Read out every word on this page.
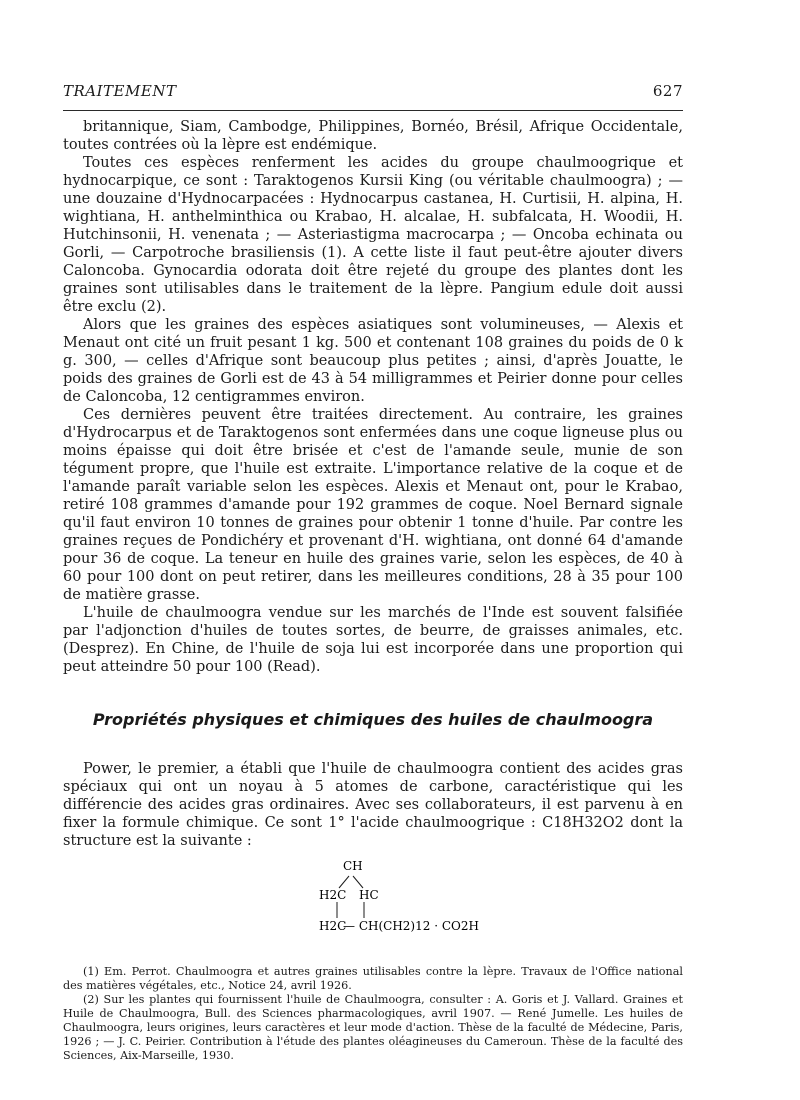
TRAITEMENT	627

britannique, Siam, Cambodge, Philippines, Bornéo, Brésil, Afrique Occidentale, toutes contrées où la lèpre est endémique.

Toutes ces espèces renferment les acides du groupe chaulmoogrique et hydnocarpique, ce sont : Taraktogenos Kursii King (ou véritable chaulmoogra) ; — une douzaine d'Hydnocarpacées : Hydnocarpus castanea, H. Curtisii, H. alpina, H. wightiana, H. anthelminthica ou Krabao, H. alcalae, H. subfalcata, H. Woodii, H. Hutchinsonii, H. venenata ; — Asteriastigma macrocarpa ; — Oncoba echinata ou Gorli, — Carpotroche brasiliensis (1). A cette liste il faut peut-être ajouter divers Caloncoba. Gynocardia odorata doit être rejeté du groupe des plantes dont les graines sont utilisables dans le traitement de la lèpre. Pangium edule doit aussi être exclu (2).

Alors que les graines des espèces asiatiques sont volumineuses, — Alexis et Menaut ont cité un fruit pesant 1 kg. 500 et contenant 108 graines du poids de 0 k g. 300, — celles d'Afrique sont beaucoup plus petites ; ainsi, d'après Jouatte, le poids des graines de Gorli est de 43 à 54 milligrammes et Peirier donne pour celles de Caloncoba, 12 centigrammes environ.

Ces dernières peuvent être traitées directement. Au contraire, les graines d'Hydrocarpus et de Taraktogenos sont enfermées dans une coque ligneuse plus ou moins épaisse qui doit être brisée et c'est de l'amande seule, munie de son tégument propre, que l'huile est extraite. L'importance relative de la coque et de l'amande paraît variable selon les espèces. Alexis et Menaut ont, pour le Krabao, retiré 108 grammes d'amande pour 192 grammes de coque. Noel Bernard signale qu'il faut environ 10 tonnes de graines pour obtenir 1 tonne d'huile. Par contre les graines reçues de Pondichéry et provenant d'H. wightiana, ont donné 64 d'amande pour 36 de coque. La teneur en huile des graines varie, selon les espèces, de 40 à 60 pour 100 dont on peut retirer, dans les meilleures conditions, 28 à 35 pour 100 de matière grasse.

L'huile de chaulmoogra vendue sur les marchés de l'Inde est souvent falsifiée par l'adjonction d'huiles de toutes sortes, de beurre, de graisses animales, etc. (Desprez). En Chine, de l'huile de soja lui est incorporée dans une proportion qui peut atteindre 50 pour 100 (Read).

Propriétés physiques et chimiques des huiles de chaulmoogra

Power, le premier, a établi que l'huile de chaulmoogra contient des acides gras spéciaux qui ont un noyau à 5 atomes de carbone, caractéristique qui les différencie des acides gras ordinaires. Avec ses collaborateurs, il est parvenu à en fixer la formule chimique. Ce sont 1° l'acide chaulmoogrique : C18H32O2 dont la structure est la suivante :

CH
H2C HC
H2C
— CH(CH2)12 · CO2H

(1) Em. Perrot. Chaulmoogra et autres graines utilisables contre la lèpre. Travaux de l'Office national des matières végétales, etc., Notice 24, avril 1926.

(2) Sur les plantes qui fournissent l'huile de Chaulmoogra, consulter : A. Goris et J. Vallard. Graines et Huile de Chaulmoogra, Bull. des Sciences pharmacologiques, avril 1907. — René Jumelle. Les huiles de Chaulmoogra, leurs origines, leurs caractères et leur mode d'action. Thèse de la faculté de Médecine, Paris, 1926 ; — J. C. Peirier. Contribution à l'étude des plantes oléagineuses du Cameroun. Thèse de la faculté des Sciences, Aix-Marseille, 1930.
